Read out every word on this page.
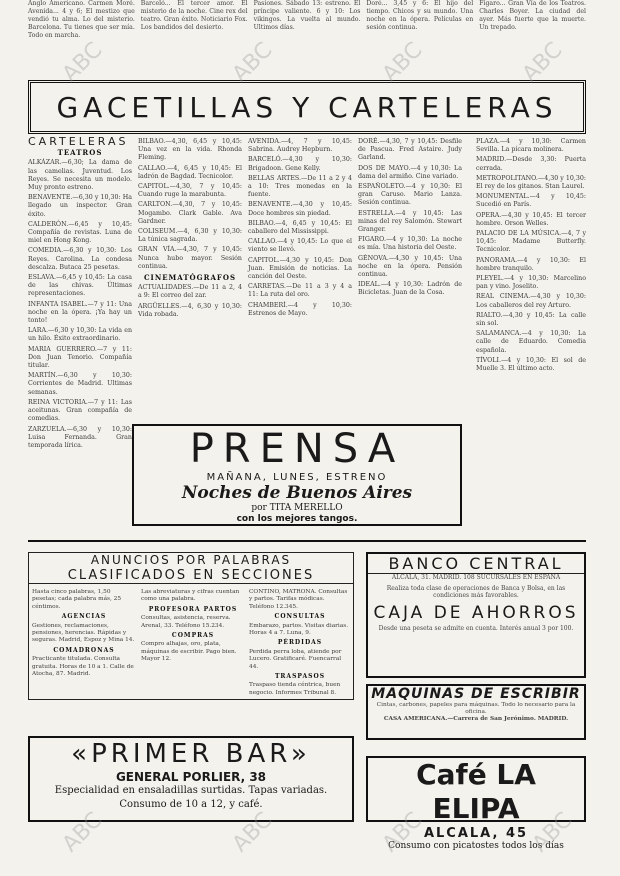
Anglo Americano. Carmen Moré. Avenida... 4 y 6; El mestizo que vendió tu alma. Lo del misterio. Barcelona. Tu tienes que ser mía. Todo en marcha.
Barceló... El tercer amor. El misterio de la noche. Cine rex del teatro. Gran éxito. Noticiario Fox. Los bandidos del desierto.
Pasiones. Sábado 13: estreno. El príncipe valiente. 6 y 10: Los vikingos. La vuelta al mundo. Ultimos días.
Doré... 3,45 y 6: El hijo del tiempo. Chicos y su mundo. Una noche en la ópera. Películas en sesión continua.
Fígaro... Gran Vía de los Teatros. Charles Boyer. La ciudad del ayer. Más fuerte que la muerte. Un trepado.
GACETILLAS Y CARTELERAS
CARTELERAS
TEATROS

ALKÁZAR.—6,30; La dama de las camelias. Juventud. Los Reyes. Se necesita un modelo. Muy pronto estreno.

BENAVENTE.—6,30 y 10,30: Ha llegado un inspector. Gran éxito.

CALDERÓN.—6,45 y 10,45: Compañía de revistas. Luna de miel en Hong Kong.

COMEDIA.—6,30 y 10,30: Los Reyes. Carolina. La condesa descalza. Butaca 25 pesetas.

ESLAVA.—6,45 y 10,45: La casa de las chivas. Últimas representaciones.

INFANTA ISABEL.—7 y 11: Una noche en la ópera. ¡Ya hay un tonto!

LARA.—6,30 y 10,30: La vida en un hilo. Éxito extraordinario.

MARIA GUERRERO.—7 y 11: Don Juan Tenorio. Compañía titular.

MARTÍN.—6,30 y 10,30: Corrientes de Madrid. Ultimas semanas.

REINA VICTORIA.—7 y 11: Las aceitunas. Gran compañía de comedias.

ZARZUELA.—6,30 y 10,30: Luisa Fernanda. Gran temporada lírica.

BILBAO.—4,30, 6,45 y 10,45: Una vez en la vida. Rhonda Fleming.

CALLAO.—4, 6,45 y 10,45: El ladrón de Bagdad. Tecnicolor.

CAPITOL.—4,30, 7 y 10,45: Cuando ruge la marabunta.

CARLTON.—4,30, 7 y 10,45: Mogambo. Clark Gable. Ava Gardner.

COLISEUM.—4, 6,30 y 10,30: La túnica sagrada.

GRAN VÍA.—4,30, 7 y 10,45: Nunca hubo mayor. Sesión continua.

CINEMATÓGRAFOS

ACTUALIDADES.—De 11 a 2, 4 a 9: El correo del zar.

ARGÜELLES.—4, 6,30 y 10,30: Vida robada.

AVENIDA.—4, 7 y 10,45: Sabrina. Audrey Hepburn.

BARCELÓ.—4,30 y 10,30: Brigadoon. Gene Kelly.

BELLAS ARTES.—De 11 a 2 y 4 a 10: Tres monedas en la fuente.

BENAVENTE.—4,30 y 10,45: Doce hombres sin piedad.

BILBAO.—4, 6,45 y 10,45: El caballero del Mississippi.

CALLAO.—4 y 10,45: Lo que el viento se llevó.

CAPITOL.—4,30 y 10,45: Don Juan. Emisión de noticias. La canción del Oeste.

CARRETAS.—De 11 a 3 y 4 a 11: La ruta del oro.

CHAMBERÍ.—4 y 10,30: Estrenos de Mayo.

DORÉ.—4,30, 7 y 10,45: Desfile de Pascua. Fred Astaire. Judy Garland.

DOS DE MAYO.—4 y 10,30: La dama del armiño. Cine variado.

ESPAÑOLETO.—4 y 10,30: El gran Caruso. Mario Lanza. Sesión continua.

ESTRELLA.—4 y 10,45: Las minas del rey Salomón. Stewart Granger.

FIGARO.—4 y 10,30: La noche es mía. Una historia del Oeste.

GÉNOVA.—4,30 y 10,45: Una noche en la ópera. Pensión continua.

IDEAL.—4 y 10,30: Ladrón de Bicicletas. Juan de la Cosa.

PLAZA.—4 y 10,30: Carmen Sevilla. La pícara molinera.

MADRID.—Desde 3,30: Puerta cerrada.

METROPOLITANO.—4,30 y 10,30: El rey de los gitanos. Stan Laurel.

MONUMENTAL.—4 y 10,45: Sucedió en París.

OPERA.—4,30 y 10,45: El tercer hombre. Orson Welles.

PALACIO DE LA MÚSICA.—4, 7 y 10,45: Madame Butterfly. Tecnicolor.

PANORAMA.—4 y 10,30: El hombre tranquilo.

PLEYEL.—4 y 10,30: Marcelino pan y vino. Joselito.

REAL CINEMA.—4,30 y 10,30: Los caballeros del rey Arturo.

RIALTO.—4,30 y 10,45: La calle sin sol.

SALAMANCA.—4 y 10,30: La calle de Eduardo. Comedia española.

TÍVOLI.—4 y 10,30: El sol de Muelle 3. El último acto.

PRENSA
MAÑANA, LUNES, ESTRENO
Noches de Buenos Aires
por TITA MERELLO
con los mejores tangos.
ANUNCIOS POR PALABRAS
CLASIFICADOS EN SECCIONES

Hasta cinco palabras, 1,50 pesetas; cada palabra más, 25 céntimos.

AGENCIAS

Gestiones, reclamaciones, pensiones, herencias. Rápidas y seguras. Madrid, Espoz y Mina 14.

COMADRONAS

Practicante titulada. Consulta gratuita. Horas de 10 a 1. Calle de Atocha, 87. Madrid.

Las abreviaturas y cifras cuentan como una palabra.

PROFESORA PARTOS

Consultas, asistencia, reserva. Arenal, 33. Teléfono 15.234.

COMPRAS

Compro alhajas, oro, plata, máquinas de escribir. Pago bien. Mayor 12.

CONTINO, MATRONA. Consultas y partos. Tarifas módicas. Teléfono 12.345.

CONSULTAS

Embarazo, partos. Visitas diarias. Horas 4 a 7. Luna, 9.

PÉRDIDAS

Perdida perra loba, atiende por Lucero. Gratificaré. Fuencarral 44.

TRASPASOS

Traspaso tienda céntrica, buen negocio. Informes Tribunal 8.

BANCO CENTRAL
ALCALÁ, 31. MADRID. 108 SUCURSALES EN ESPAÑA
Realiza toda clase de operaciones de Banca y Bolsa, en las condiciones más favorables.
CAJA DE AHORROS
Desde una peseta se admite en cuenta. Interés anual 3 por 100.
MAQUINAS DE ESCRIBIR
Cintas, carbones, papeles para máquinas. Todo lo necesario para la oficina.
CASA AMERICANA.—Carrera de San Jerónimo. MADRID.
«PRIMER BAR»
GENERAL PORLIER, 38
Especialidad en ensaladillas surtidas. Tapas variadas.
Consumo de 10 a 12, y café.
Café LA ELIPA
ALCALA, 45
Consumo con picatostes todos los días
ABC	ABC	ABC	ABC
ABC	ABC	ABC	ABC
